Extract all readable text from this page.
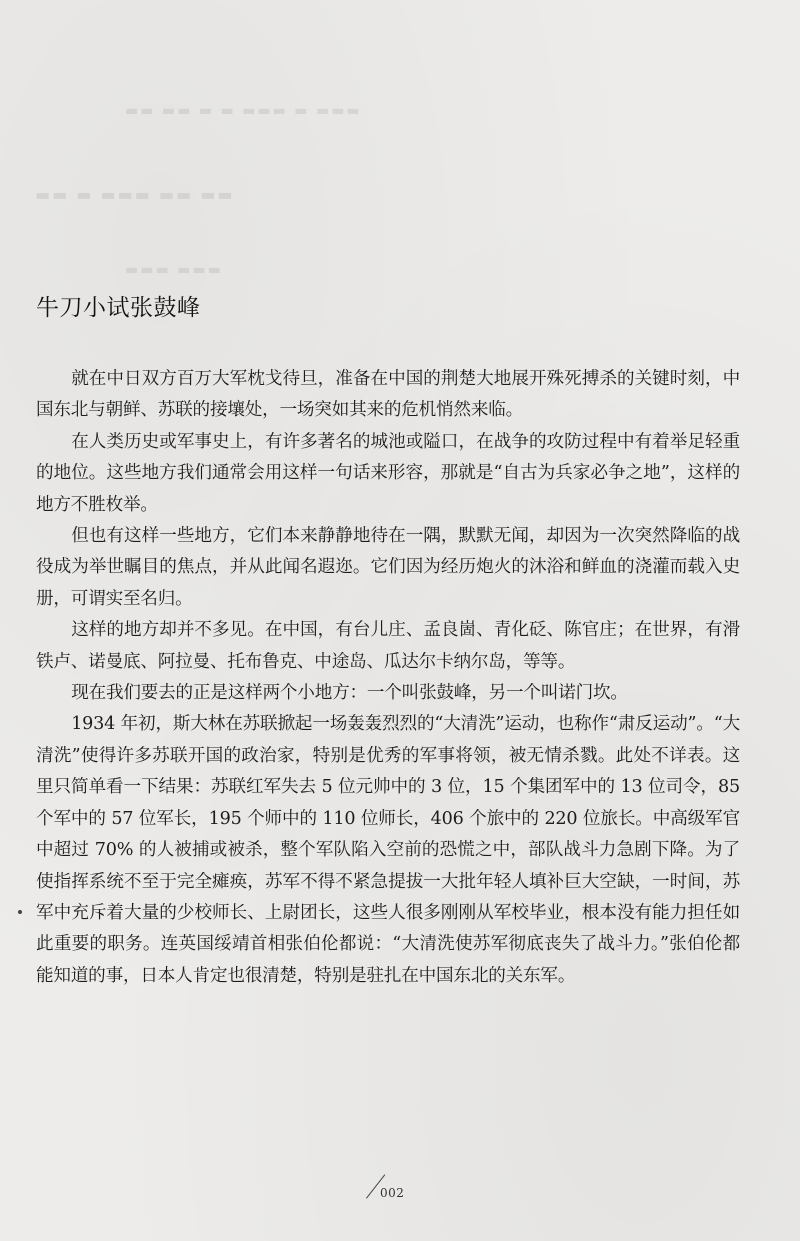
▬▬ ▬▬ ▬ ▬ ▬▬▬ ▬ ▬▬▬
▬▬ ▬ ▬▬▬ ▬▬ ▬▬
▬▬▬ ▬▬▬
牛刀小试张鼓峰

就在中日双方百万大军枕戈待旦，准备在中国的荆楚大地展开殊死搏杀的关键时刻，中国东北与朝鲜、苏联的接壤处，一场突如其来的危机悄然来临。

在人类历史或军事史上，有许多著名的城池或隘口，在战争的攻防过程中有着举足轻重的地位。这些地方我们通常会用这样一句话来形容，那就是“自古为兵家必争之地”，这样的地方不胜枚举。

但也有这样一些地方，它们本来静静地待在一隅，默默无闻，却因为一次突然降临的战役成为举世瞩目的焦点，并从此闻名遐迩。它们因为经历炮火的沐浴和鲜血的浇灌而载入史册，可谓实至名归。

这样的地方却并不多见。在中国，有台儿庄、孟良崮、青化砭、陈官庄；在世界，有滑铁卢、诺曼底、阿拉曼、托布鲁克、中途岛、瓜达尔卡纳尔岛，等等。

现在我们要去的正是这样两个小地方：一个叫张鼓峰，另一个叫诺门坎。

1934 年初，斯大林在苏联掀起一场轰轰烈烈的“大清洗”运动，也称作“肃反运动”。“大清洗”使得许多苏联开国的政治家，特别是优秀的军事将领，被无情杀戮。此处不详表。这里只简单看一下结果：苏联红军失去 5 位元帅中的 3 位，15 个集团军中的 13 位司令，85 个军中的 57 位军长，195 个师中的 110 位师长，406 个旅中的 220 位旅长。中高级军官中超过 70% 的人被捕或被杀，整个军队陷入空前的恐慌之中，部队战斗力急剧下降。为了使指挥系统不至于完全瘫痪，苏军不得不紧急提拔一大批年轻人填补巨大空缺，一时间，苏军中充斥着大量的少校师长、上尉团长，这些人很多刚刚从军校毕业，根本没有能力担任如此重要的职务。连英国绥靖首相张伯伦都说：“大清洗使苏军彻底丧失了战斗力。”张伯伦都能知道的事，日本人肯定也很清楚，特别是驻扎在中国东北的关东军。

002
